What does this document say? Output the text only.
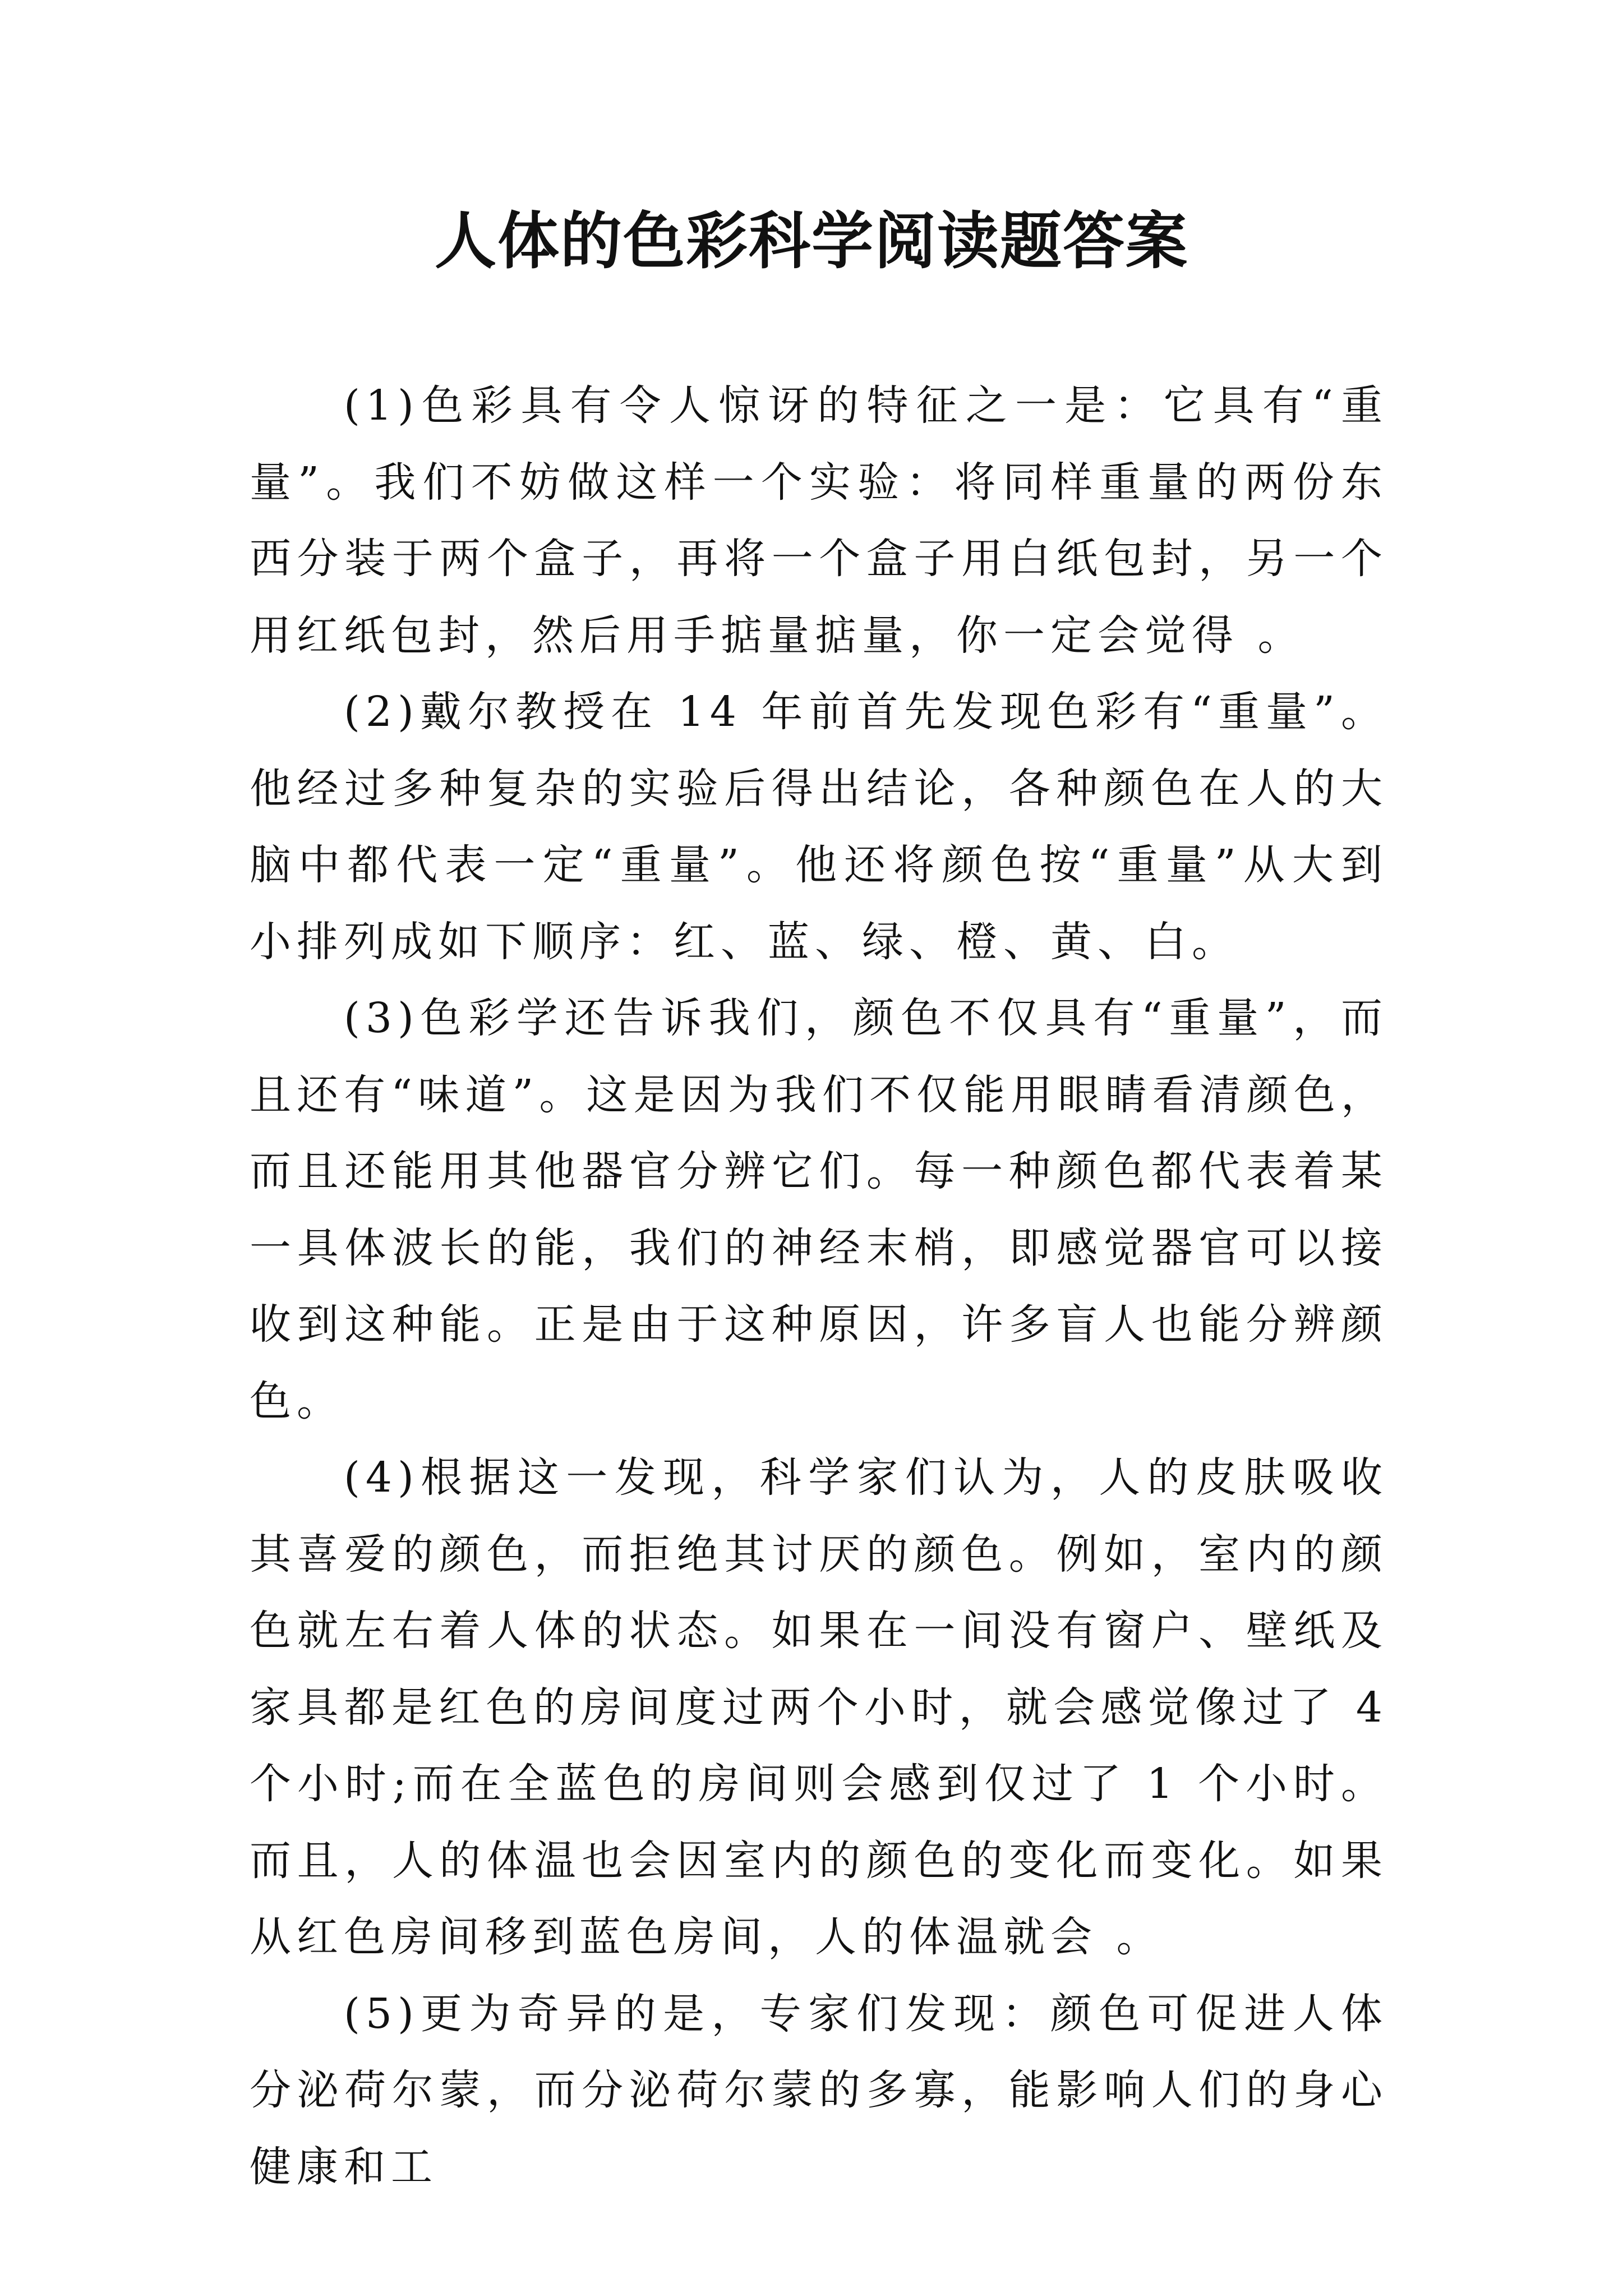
人体的色彩科学阅读题答案

(1)色彩具有令人惊讶的特征之一是：它具有“重量”。我们不妨做这样一个实验：将同样重量的两份东西分装于两个盒子，再将一个盒子用白纸包封，另一个用红纸包封，然后用手掂量掂量，你一定会觉得 。

(2)戴尔教授在 14 年前首先发现色彩有“重量”。他经过多种复杂的实验后得出结论，各种颜色在人的大脑中都代表一定“重量”。他还将颜色按“重量”从大到小排列成如下顺序：红、蓝、绿、橙、黄、白。

(3)色彩学还告诉我们，颜色不仅具有“重量”，而且还有“味道”。这是因为我们不仅能用眼睛看清颜色，而且还能用其他器官分辨它们。每一种颜色都代表着某一具体波长的能，我们的神经末梢，即感觉器官可以接收到这种能。正是由于这种原因，许多盲人也能分辨颜色。

(4)根据这一发现，科学家们认为，人的皮肤吸收其喜爱的颜色，而拒绝其讨厌的颜色。例如，室内的颜色就左右着人体的状态。如果在一间没有窗户、壁纸及家具都是红色的房间度过两个小时，就会感觉像过了 4 个小时;而在全蓝色的房间则会感到仅过了 1 个小时。而且，人的体温也会因室内的颜色的变化而变化。如果从红色房间移到蓝色房间，人的体温就会 。

(5)更为奇异的是，专家们发现：颜色可促进人体分泌荷尔蒙，而分泌荷尔蒙的多寡，能影响人们的身心健康和工
